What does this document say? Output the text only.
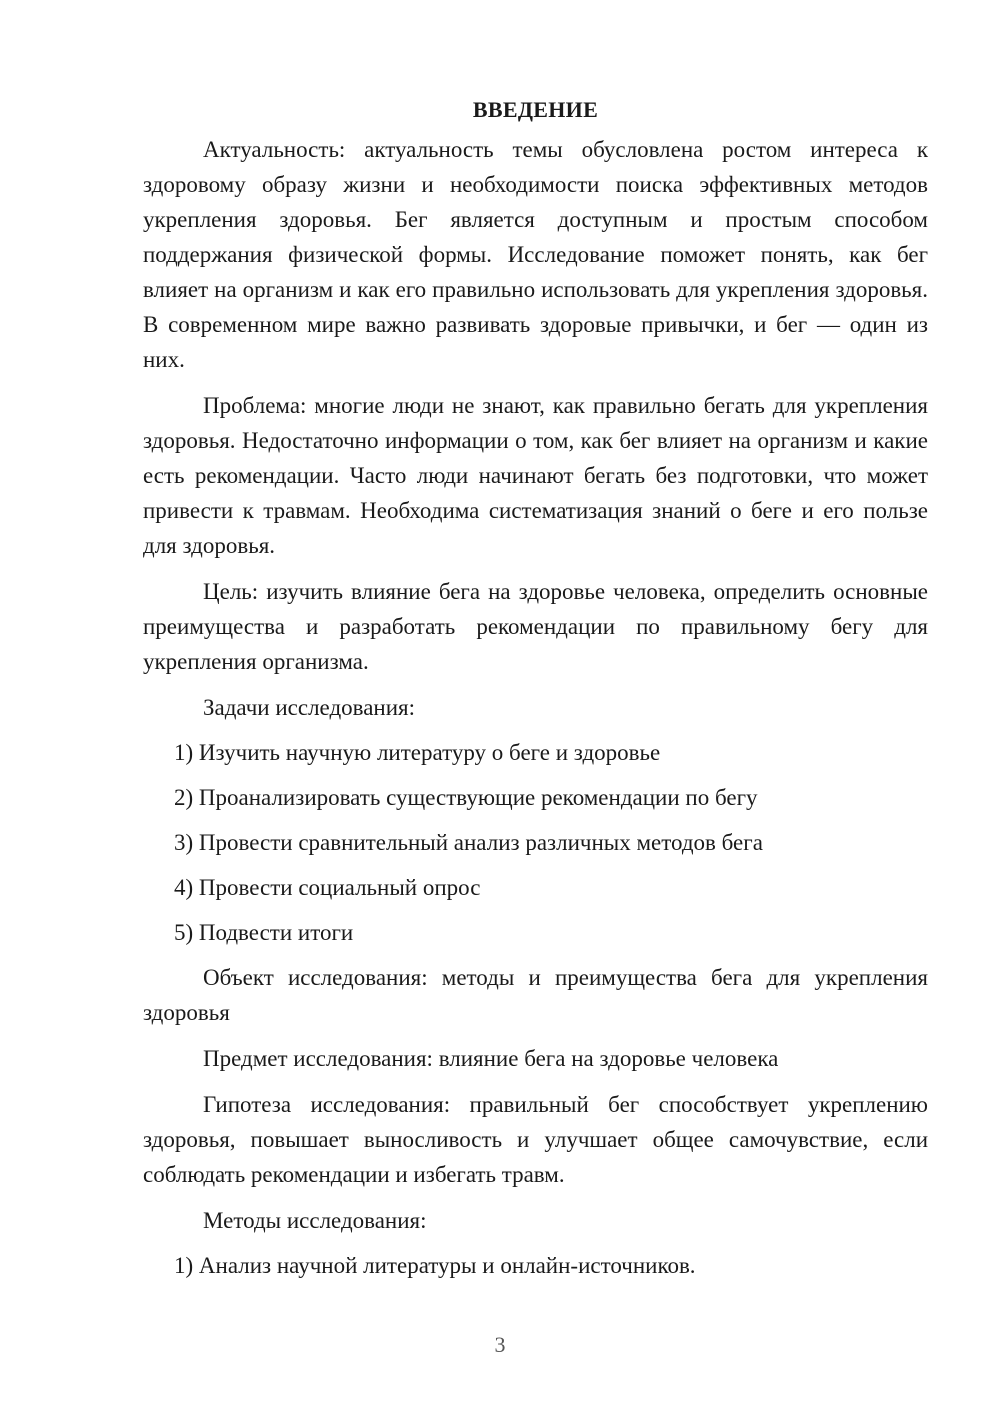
ВВЕДЕНИЕ

Актуальность: актуальность темы обусловлена ростом интереса к здоровому образу жизни и необходимости поиска эффективных методов укрепления здоровья. Бег является доступным и простым способом поддержания физической формы. Исследование поможет понять, как бег влияет на организм и как его правильно использовать для укрепления здоровья. В современном мире важно развивать здоровые привычки, и бег — один из них.

Проблема: многие люди не знают, как правильно бегать для укрепления здоровья. Недостаточно информации о том, как бег влияет на организм и какие есть рекомендации. Часто люди начинают бегать без подготовки, что может привести к травмам. Необходима систематизация знаний о беге и его пользе для здоровья.

Цель: изучить влияние бега на здоровье человека, определить основные преимущества и разработать рекомендации по правильному бегу для укрепления организма.

Задачи исследования:

1) Изучить научную литературу о беге и здоровье

2) Проанализировать существующие рекомендации по бегу

3) Провести сравнительный анализ различных методов бега

4) Провести социальный опрос

5) Подвести итоги

Объект исследования: методы и преимущества бега для укрепления здоровья

Предмет исследования: влияние бега на здоровье человека

Гипотеза исследования: правильный бег способствует укреплению здоровья, повышает выносливость и улучшает общее самочувствие, если соблюдать рекомендации и избегать травм.

Методы исследования:

1) Анализ научной литературы и онлайн-источников.

3
